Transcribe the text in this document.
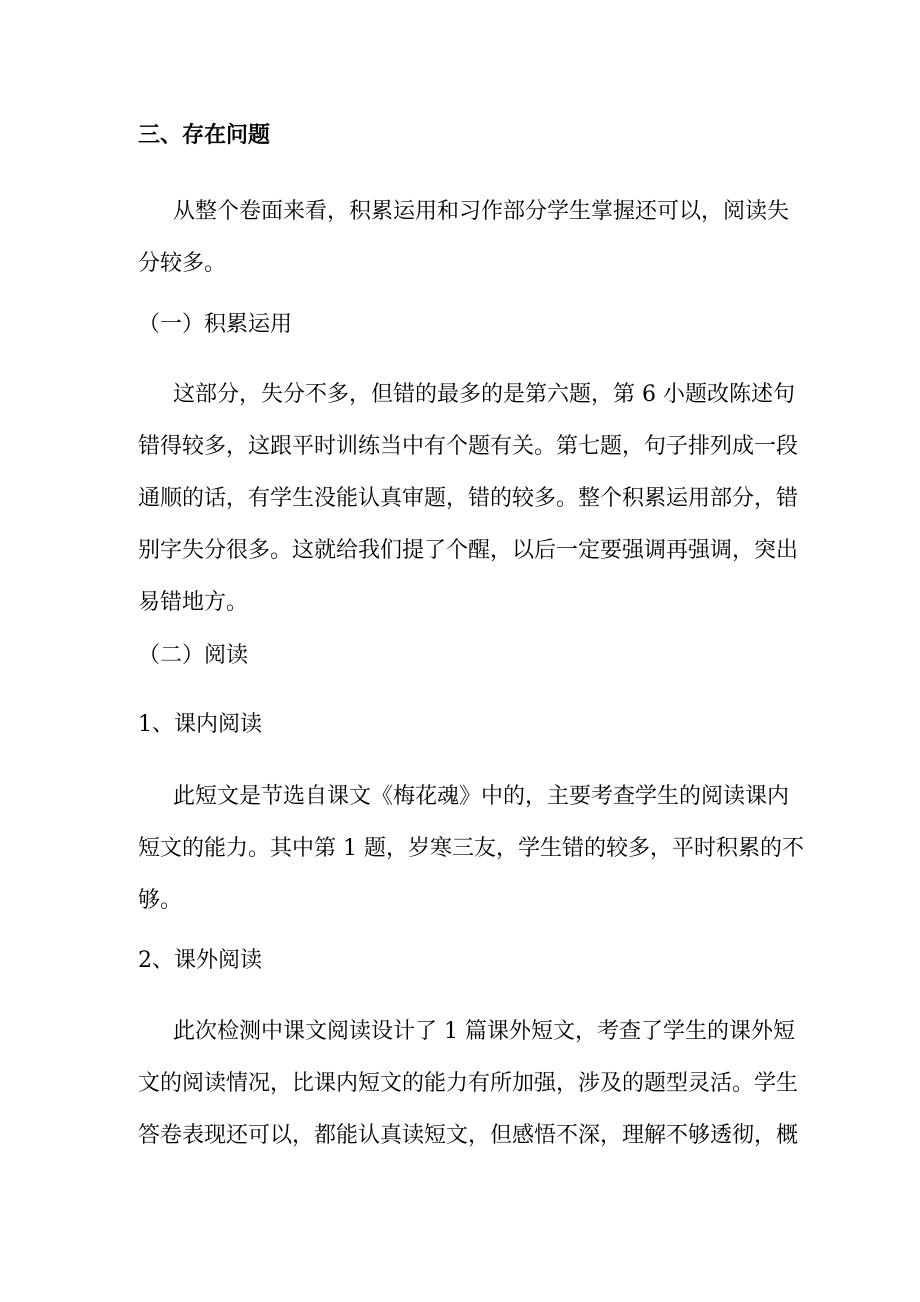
三、存在问题
从整个卷面来看，积累运用和习作部分学生掌握还可以，阅读失
分较多。
（一）积累运用
这部分，失分不多，但错的最多的是第六题，第 6 小题改陈述句
错得较多，这跟平时训练当中有个题有关。第七题，句子排列成一段
通顺的话，有学生没能认真审题，错的较多。整个积累运用部分，错
别字失分很多。这就给我们提了个醒，以后一定要强调再强调，突出
易错地方。
（二）阅读
1、课内阅读
此短文是节选自课文《梅花魂》中的，主要考查学生的阅读课内
短文的能力。其中第 1 题，岁寒三友，学生错的较多，平时积累的不
够。
2、课外阅读
此次检测中课文阅读设计了 1 篇课外短文，考查了学生的课外短
文的阅读情况，比课内短文的能力有所加强，涉及的题型灵活。学生
答卷表现还可以，都能认真读短文，但感悟不深，理解不够透彻，概
